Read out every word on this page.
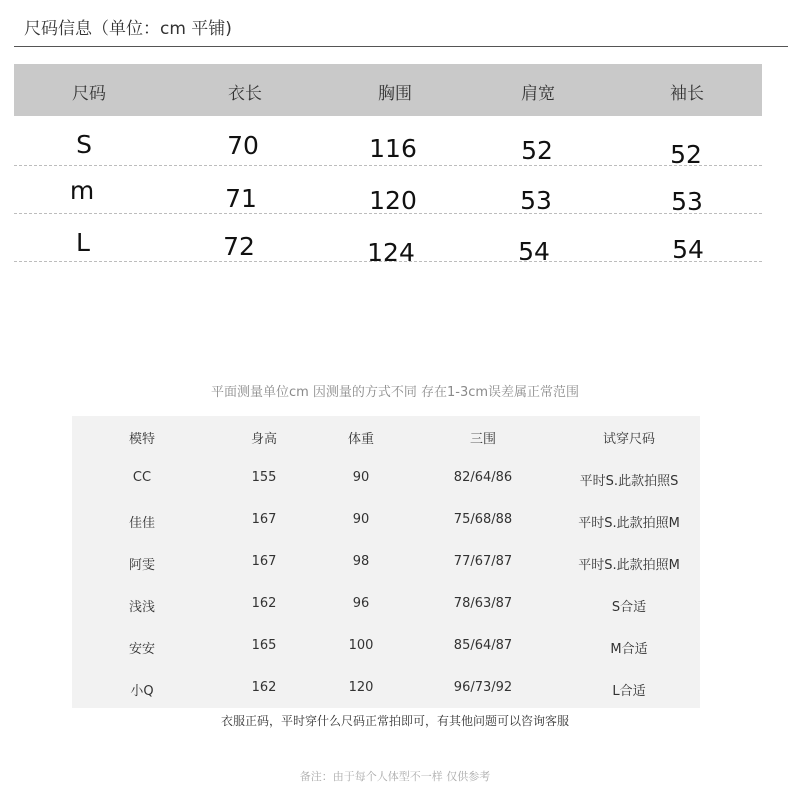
尺码信息（单位：cm 平铺)
尺码	衣长	胸围	肩宽	袖长
S	70	116	52	52
m	71	120	53	53
L	72	124	54	54
平面测量单位cm 因测量的方式不同 存在1-3cm误差属正常范围
模特	身高	体重	三围	试穿尺码
CC	155	90	82/64/86	平时S.此款拍照S
佳佳	167	90	75/68/88	平时S.此款拍照M
阿雯	167	98	77/67/87	平时S.此款拍照M
浅浅	162	96	78/63/87	S合适
安安	165	100	85/64/87	M合适
小Q	162	120	96/73/92	L合适
衣服正码，平时穿什么尺码正常拍即可，有其他问题可以咨询客服
备注：由于每个人体型不一样 仅供参考
